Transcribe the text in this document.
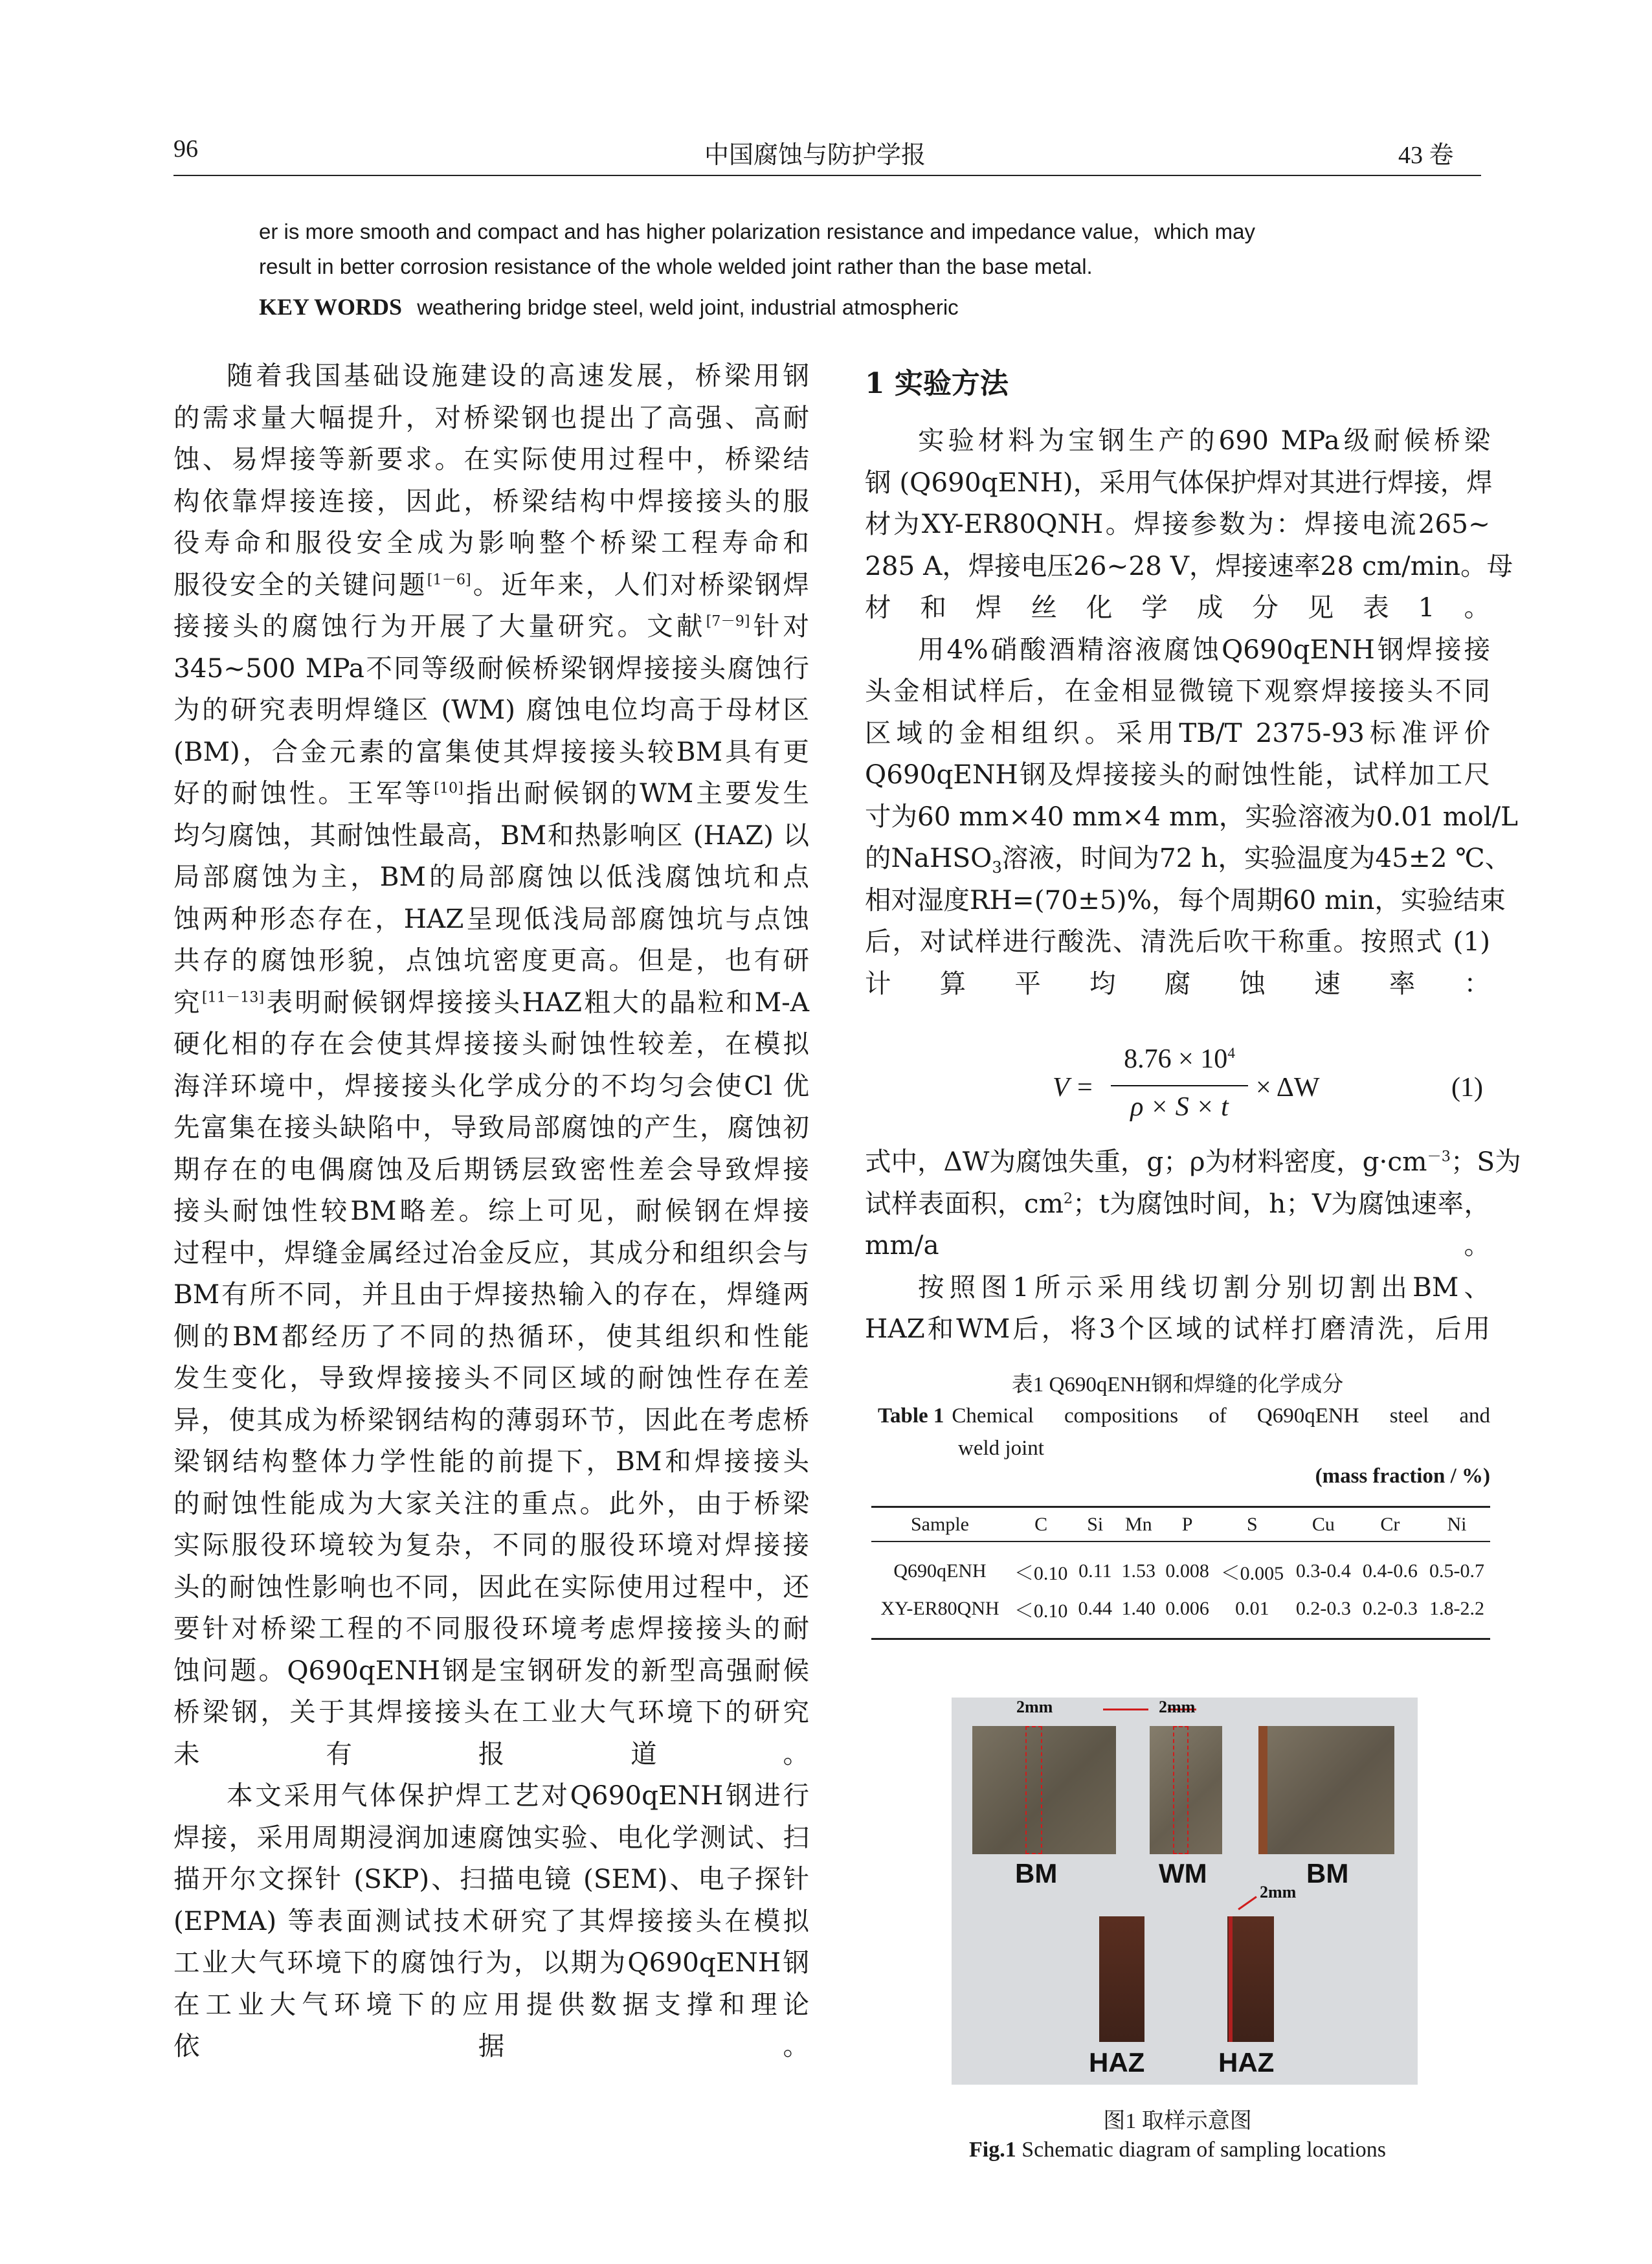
96	中国腐蚀与防护学报	43 卷
er is more smooth and compact and has higher polarization resistance and impedance value，which may
result in better corrosion resistance of the whole welded joint rather than the base metal.
KEY WORDS weathering bridge steel, weld joint, industrial atmospheric
随着我国基础设施建设的高速发展，桥梁用钢
的需求量大幅提升，对桥梁钢也提出了高强、高耐
蚀、易焊接等新要求。在实际使用过程中，桥梁结
构依靠焊接连接，因此，桥梁结构中焊接接头的服
役寿命和服役安全成为影响整个桥梁工程寿命和
服役安全的关键问题[1－6]。近年来，人们对桥梁钢焊
接接头的腐蚀行为开展了大量研究。文献[7－9]针对
345~500 MPa不同等级耐候桥梁钢焊接接头腐蚀行
为的研究表明焊缝区 (WM) 腐蚀电位均高于母材区
(BM)，合金元素的富集使其焊接接头较BM具有更
好的耐蚀性。王军等[10]指出耐候钢的WM主要发生
均匀腐蚀，其耐蚀性最高，BM和热影响区 (HAZ) 以
局部腐蚀为主，BM的局部腐蚀以低浅腐蚀坑和点
蚀两种形态存在，HAZ呈现低浅局部腐蚀坑与点蚀
共存的腐蚀形貌，点蚀坑密度更高。但是，也有研
究[11－13]表明耐候钢焊接接头HAZ粗大的晶粒和M-A
硬化相的存在会使其焊接接头耐蚀性较差，在模拟
海洋环境中，焊接接头化学成分的不均匀会使Cl 优
先富集在接头缺陷中，导致局部腐蚀的产生，腐蚀初
期存在的电偶腐蚀及后期锈层致密性差会导致焊接
接头耐蚀性较BM略差。综上可见，耐候钢在焊接
过程中，焊缝金属经过冶金反应，其成分和组织会与
BM有所不同，并且由于焊接热输入的存在，焊缝两
侧的BM都经历了不同的热循环，使其组织和性能
发生变化，导致焊接接头不同区域的耐蚀性存在差
异，使其成为桥梁钢结构的薄弱环节，因此在考虑桥
梁钢结构整体力学性能的前提下，BM和焊接接头
的耐蚀性能成为大家关注的重点。此外，由于桥梁
实际服役环境较为复杂，不同的服役环境对焊接接
头的耐蚀性影响也不同，因此在实际使用过程中，还
要针对桥梁工程的不同服役环境考虑焊接接头的耐
蚀问题。Q690qENH钢是宝钢研发的新型高强耐候
桥梁钢，关于其焊接接头在工业大气环境下的研究
未有报道。
本文采用气体保护焊工艺对Q690qENH钢进行
焊接，采用周期浸润加速腐蚀实验、电化学测试、扫
描开尔文探针 (SKP)、扫描电镜 (SEM)、电子探针
(EPMA) 等表面测试技术研究了其焊接接头在模拟
工业大气环境下的腐蚀行为，以期为Q690qENH钢
在工业大气环境下的应用提供数据支撑和理论
依据。
1 实验方法
实验材料为宝钢生产的690 MPa级耐候桥梁
钢 (Q690qENH)，采用气体保护焊对其进行焊接，焊
材为XY-ER80QNH。焊接参数为：焊接电流265~
285 A，焊接电压26~28 V，焊接速率28 cm/min。母
材和焊丝化学成分见表1。
用4%硝酸酒精溶液腐蚀Q690qENH钢焊接接
头金相试样后，在金相显微镜下观察焊接接头不同
区域的金相组织。采用TB/T 2375-93标准评价
Q690qENH钢及焊接接头的耐蚀性能，试样加工尺
寸为60 mm×40 mm×4 mm，实验溶液为0.01 mol/L
的NaHSO$_3$溶液，时间为72 h，实验温度为45±2 ℃、
相对湿度RH=(70±5)%，每个周期60 min，实验结束
后，对试样进行酸洗、清洗后吹干称重。按照式 (1)
计算平均腐蚀速率：
V =
$8.76 \times 10^4$
ρ × S × t
× ΔW	(1)
式中，ΔW为腐蚀失重，g；ρ为材料密度，$g\cdot cm^{-3}$；S为
试样表面积，$cm^2$；t为腐蚀时间，h；V为腐蚀速率，
mm/a。
按照图1所示采用线切割分别切割出BM、
HAZ和WM后，将3个区域的试样打磨清洗，后用
表1 Q690qENH钢和焊缝的化学成分
Table 1 Chemical compositions of Q690qENH steel and
weld joint
(mass fraction / %)
Sample	C	Si	Mn	P	S	Cu	Cr	Ni

Q690qENH	＜0.10	0.11	1.53	0.008	＜0.005	0.3-0.4	0.4-0.6	0.5-0.7
XY-ER80QNH	＜0.10	0.44	1.40	0.006	0.01	0.2-0.3	0.2-0.3	1.8-2.2
2mm	2mm
BM	WM	BM
2mm
HAZ	HAZ
图1 取样示意图
Fig.1 Schematic diagram of sampling locations
